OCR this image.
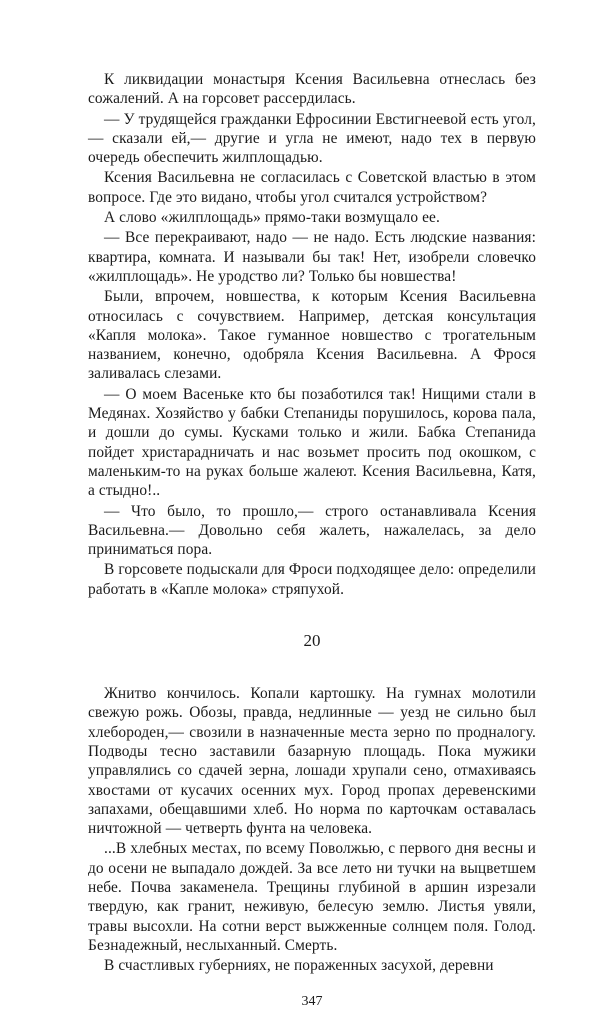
К ликвидации монастыря Ксения Васильевна отнеслась без сожалений. А на горсовет рассердилась.

— У трудящейся гражданки Ефросинии Евстигнеевой есть угол,— сказали ей,— другие и угла не имеют, надо тех в первую очередь обеспечить жилплощадью.

Ксения Васильевна не согласилась с Советской властью в этом вопросе. Где это видано, чтобы угол считался устройством?

А слово «жилплощадь» прямо-таки возмущало ее.

— Все перекраивают, надо — не надо. Есть людские названия: квартира, комната. И называли бы так! Нет, изобрели словечко «жилплощадь». Не уродство ли? Только бы новшества!

Были, впрочем, новшества, к которым Ксения Васильевна относилась с сочувствием. Например, детская консультация «Капля молока». Такое гуманное новшество с трогательным названием, конечно, одобряла Ксения Васильевна. А Фрося заливалась слезами.

— О моем Васеньке кто бы позаботился так! Нищими стали в Медянах. Хозяйство у бабки Степаниды порушилось, корова пала, и дошли до сумы. Кусками только и жили. Бабка Степанида пойдет христарадничать и нас возьмет просить под окошком, с маленьким-то на руках больше жалеют. Ксения Васильевна, Катя, а стыдно!..

— Что было, то прошло,— строго останавливала Ксения Васильевна.— Довольно себя жалеть, нажалелась, за дело приниматься пора.

В горсовете подыскали для Фроси подходящее дело: определили работать в «Капле молока» стряпухой.

20

Жнитво кончилось. Копали картошку. На гумнах молотили свежую рожь. Обозы, правда, недлинные — уезд не сильно был хлебороден,— свозили в назначенные места зерно по продналогу. Подводы тесно заставили базарную площадь. Пока мужики управлялись со сдачей зерна, лошади хрупали сено, отмахиваясь хвостами от кусачих осенних мух. Город пропах деревенскими запахами, обещавшими хлеб. Но норма по карточкам оставалась ничтожной — четверть фунта на человека.

...В хлебных местах, по всему Поволжью, с первого дня весны и до осени не выпадало дождей. За все лето ни тучки на выцветшем небе. Почва закаменела. Трещины глубиной в аршин изрезали твердую, как гранит, неживую, белесую землю. Листья увяли, травы высохли. На сотни верст выжженные солнцем поля. Голод. Безнадежный, неслыханный. Смерть.

В счастливых губерниях, не пораженных засухой, деревни

347
